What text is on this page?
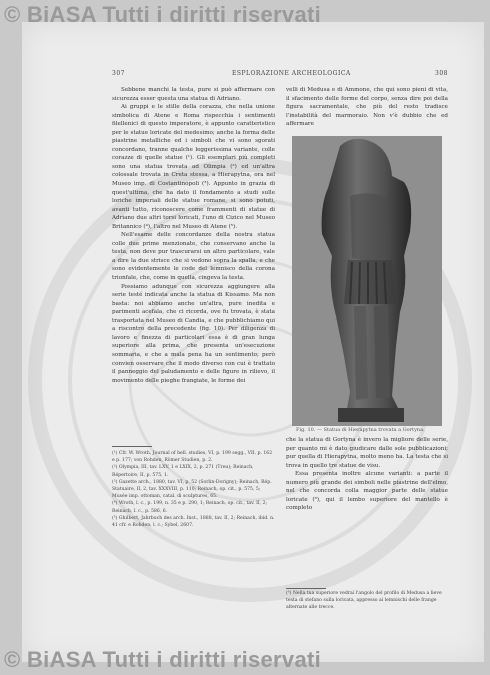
© BiASA Tutti i diritti riservati
© BiASA Tutti i diritti riservati
307	ESPLORAZIONE ARCHEOLOGICA	308

Sebbene manchi la testa, pure si può affermare con sicurezza esser questa una statua di Adriano.

Ai gruppi e le stille della corazza, che nella unione simbolica di Atene e Roma rispecchia i sentimenti filellenici di questo imperatore, è appunto caratteristico per le statue loricate del medesimo; anche la forma delle piastrine metalliche ed i simboli che vi sono sgorati concordano, tranne qualche leggerissima variante, colle corazze di quelle statue (¹). Gli esemplari più completi sono una statua trovata ad Olimpia (²) ed un'altra colossale trovata in Creta stessa, a Hierapytna, ora nel Museo imp. di Costantinopoli (³). Appunto in grazia di quest'ultima, che ha dato il fondamento a studi sulle loriche imperiali delle statue romane, si sono potuti, avanti tutto, riconoscere come frammenti di statue di Adriano due altri torsi loricati, l'uno di Cizico nel Museo Britannico (⁴), l'altro nel Museo di Atene (⁵).

Nell'esame delle concordanze della nostra statua colle due prime menzionate, che conservano anche la testa, non deve pur trascurarsi un altro particolare, vale a dire la due strisce che si vedono sopra la spalla, e che sono evidentemente le code del lemnisco della corona trionfale, che, come in quella, cingeva la testa.

Possiamo adunque con sicurezza aggiungere alla serie testé indicata anche la statua di Kissamo. Ma non basta: noi abbiamo anche un'altra, pure inedita e parimenti acefala, che ci ricorda, ove fu trovata, è stata trasportata nel Museo di Candia, e che pubblichiamo qui a riscontro della precedente (fig. 10). Per diligenza di lavoro e finezza di particolari essa è di gran lunga superiore alla prima, che presenta un'esecuzione sommaria, e che a mala pena ha un sentimento; però convien osservare che il modo diverso con cui è trattato il panneggio del paludamento e delle figure in rilievo, il movimento delle pieghe frangiate, le forme dei

velli di Medusa e di Ammone, che qui sono pieni di vita, il sfacimento delle forme del corpo, senza dire poi della figura sacramentale, che più del resto tradisce l'instabilità del marmoraio. Non v'è dubbio che ed affermare

Fig. 10. — Statua di Hierapytna trovata a Gortyna.

che la statua di Gortyna è invero la migliore delle serie, per quanto mi è dato giudicare dalle sole pubblicazioni; pur quella di Hierapytna, molto meno ha. La testa che si trova in quello tre statue de visu.

Essa presenta inoltre alcune varianti: a parte il numero più grande dei simboli nelle piastrine dell'elmo, nel che concorda colla maggior parte delle statue loricate (⁶), qui il lembo superiore del mantello è completo

(¹) Cfr. W. Wroth, Journal of hell. studies, VI, p. 199 segg., VII, p. 162 e p. 177; von Rohden, Römer Studien, p. 2.
(²) Olympia, III, tav. LXV, 1 e LXIX, 2, p. 271 (Treu); Reinach, Répertoire, II, p. 575, 1.
(³) Gazette arch., 1880, tav. VI, p. 52 (Sorlin-Dorigny); Reinach, Rép. Statuaire, II, 2, tav. XXXVIII, p. 110; Reinach, op. cit., p. 575, 5; Musée imp. ottoman, catal. di sculptures, 65.
(⁴) Wroth, l. c., p. 199, n. 35 e p. 290, 1; Reinach, op. cit., tav. II, 2; Reinach, l. c., p. 586, 6.
(⁵) Ghilbert, Jahrbuch des arch. Inst., 1888, tav. II, 2; Reinach, ibid. n. 41 cfr. e Rohden, l. c.; Sybel, 2607.
(⁶) Nella tua superiore vedrai l'angolo del profilo di Medusa a lieve testa di stefano sulla loricata, appresso ai lemnischi delle frange alternate alle trecce.
